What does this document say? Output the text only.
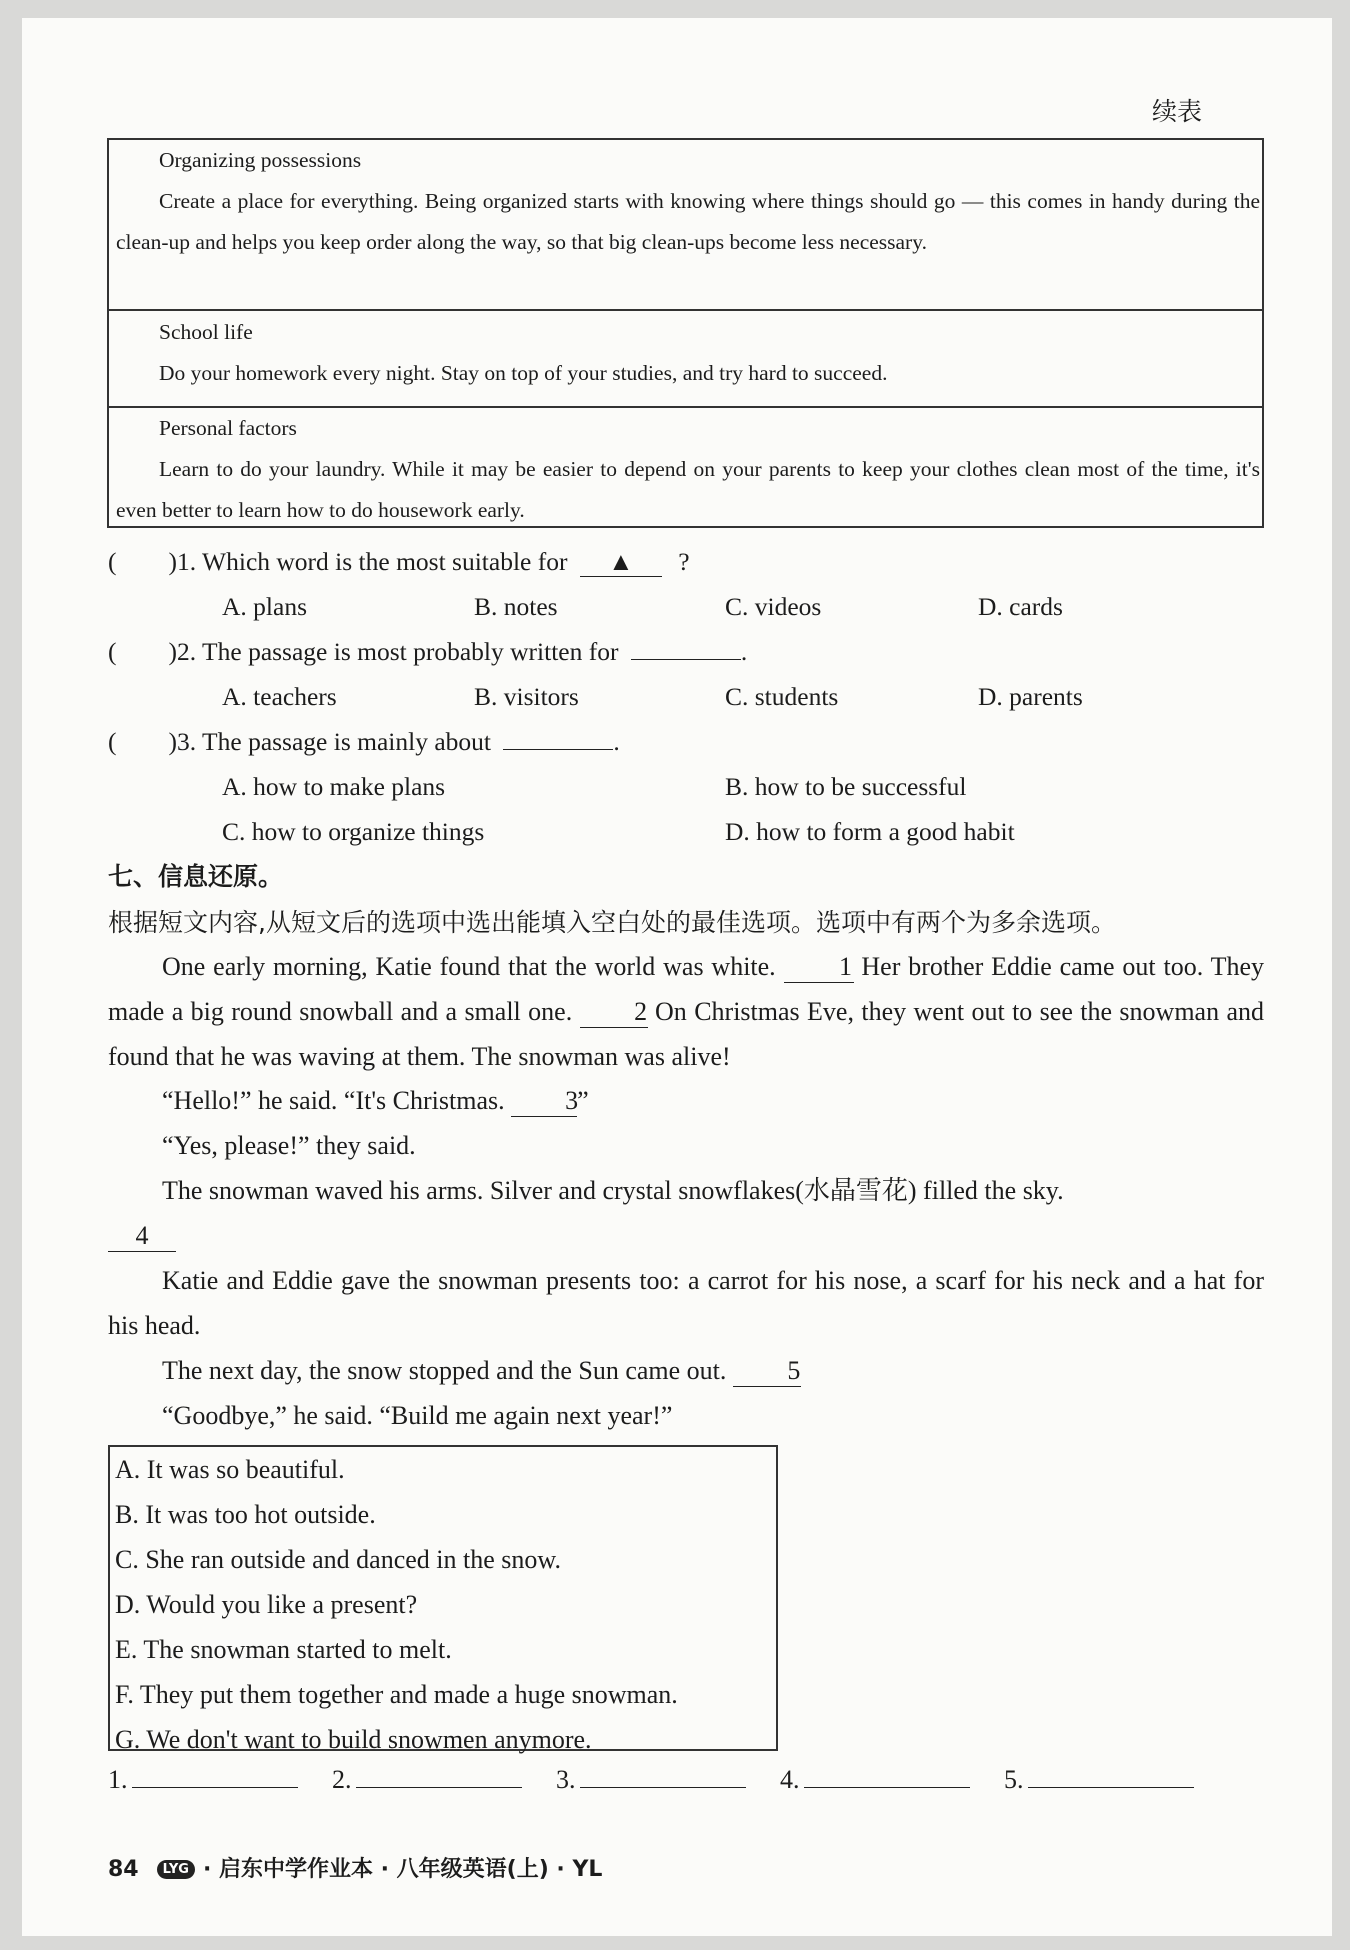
续表
Organizing possessions
Create a place for everything. Being organized starts with knowing where things should go — this comes in handy during the clean-up and helps you keep order along the way, so that big clean-ups become less necessary.
School life
Do your homework every night. Stay on top of your studies, and try hard to succeed.
Personal factors
Learn to do your laundry. While it may be easier to depend on your parents to keep your clothes clean most of the time, it's even better to learn how to do housework early.
( )1. Which word is the most suitable for ▲ ?
A. plans	B. notes	C. videos	D. cards
( )2. The passage is most probably written for	.
A. teachers	B. visitors	C. students	D. parents
( )3. The passage is mainly about	.
A. how to make plans	B. how to be successful
C. how to organize things	D. how to form a good habit
七、信息还原。
根据短文内容,从短文后的选项中选出能填入空白处的最佳选项。选项中有两个为多余选项。
One early morning, Katie found that the world was white. 1 Her brother Eddie came out too. They made a big round snowball and a small one. 2 On Christmas Eve, they went out to see the snowman and found that he was waving at them. The snowman was alive!
“Hello!” he said. “It's Christmas. 3”
“Yes, please!” they said.
The snowman waved his arms. Silver and crystal snowflakes(水晶雪花) filled the sky.
4
Katie and Eddie gave the snowman presents too: a carrot for his nose, a scarf for his neck and a hat for his head.
The next day, the snow stopped and the Sun came out. 5
“Goodbye,” he said. “Build me again next year!”
A. It was so beautiful.
B. It was too hot outside.
C. She ran outside and danced in the snow.
D. Would you like a present?
E. The snowman started to melt.
F. They put them together and made a huge snowman.
G. We don't want to build snowmen anymore.
1.	2.	3.	4.	5.
84 LYG · 启东中学作业本 · 八年级英语(上) · YL
